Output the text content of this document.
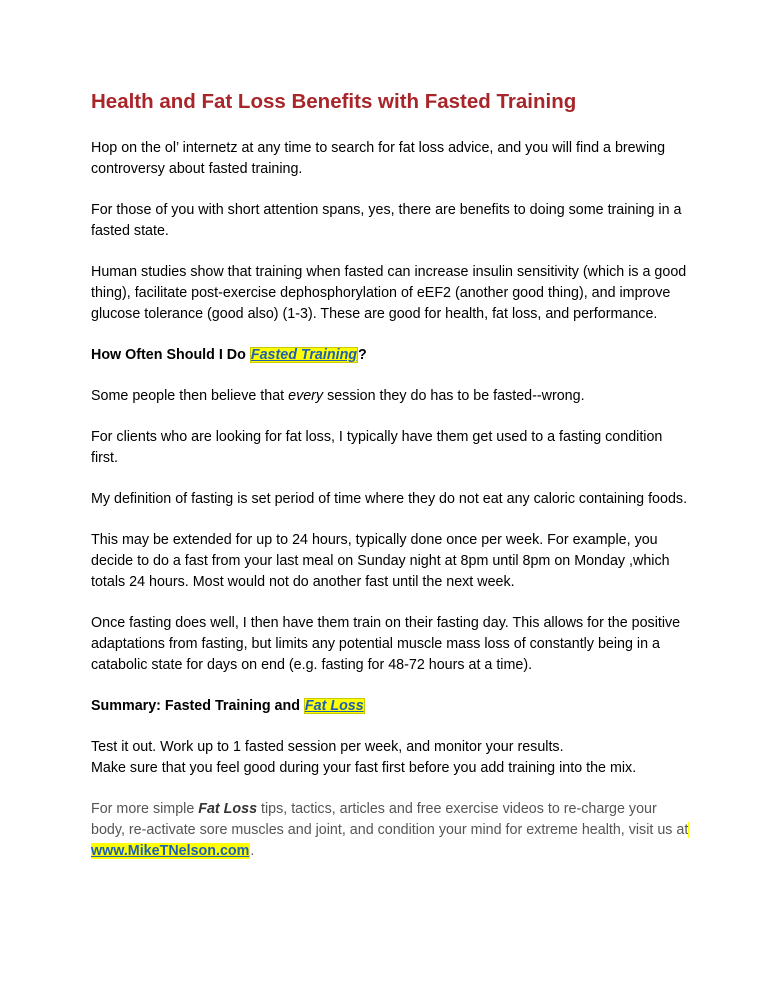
Health and Fat Loss Benefits with Fasted Training

Hop on the ol’ internetz at any time to search for fat loss advice, and you will find a brewing controversy about fasted training.

For those of you with short attention spans, yes, there are benefits to doing some training in a fasted state.

Human studies show that training when fasted can increase insulin sensitivity (which is a good thing), facilitate post-exercise dephosphorylation of eEF2 (another good thing), and improve glucose tolerance (good also) (1-3). These are good for health, fat loss, and performance.

How Often Should I Do Fasted Training?

Some people then believe that every session they do has to be fasted--wrong.

For clients who are looking for fat loss, I typically have them get used to a fasting condition first.

My definition of fasting is set period of time where they do not eat any caloric containing foods.

This may be extended for up to 24 hours, typically done once per week. For example, you decide to do a fast from your last meal on Sunday night at 8pm until 8pm on Monday ,which totals 24 hours. Most would not do another fast until the next week.

Once fasting does well, I then have them train on their fasting day. This allows for the positive adaptations from fasting, but limits any potential muscle mass loss of constantly being in a catabolic state for days on end (e.g. fasting for 48-72 hours at a time).

Summary: Fasted Training and Fat Loss

Test it out. Work up to 1 fasted session per week, and monitor your results.
Make sure that you feel good during your fast first before you add training into the mix.

For more simple Fat Loss tips, tactics, articles and free exercise videos to re-charge your body, re-activate sore muscles and joint, and condition your mind for extreme health, visit us at www.MikeTNelson.com.
